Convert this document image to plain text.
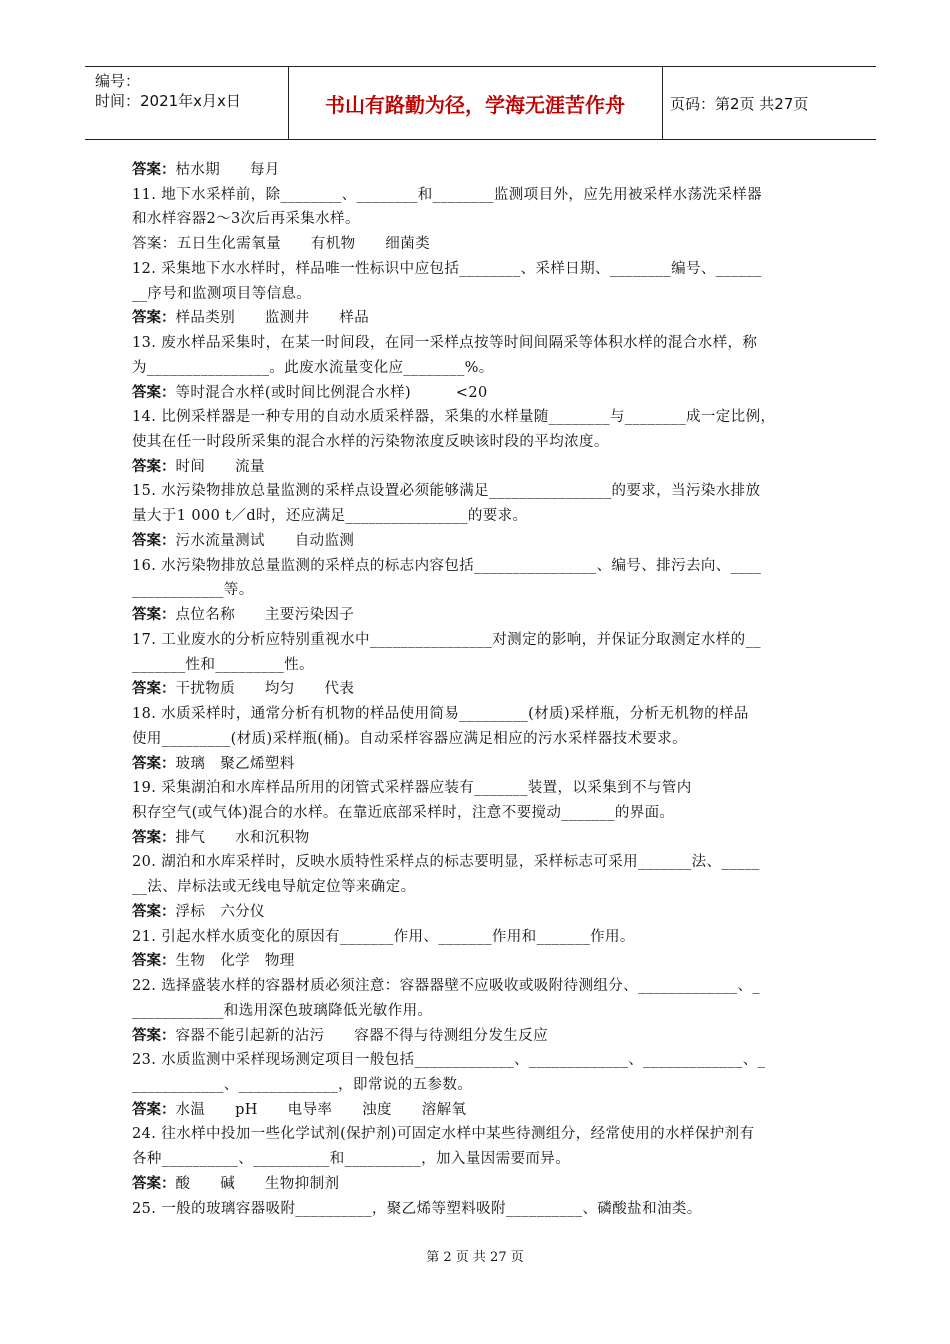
编号：
时间：2021年x月x日	书山有路勤为径，学海无涯苦作舟	页码：第2页 共27页
答案：枯水期　　每月
11. 地下水采样前，除________、________和________监测项目外，应先用被采样水荡洗采样器
和水样容器2～3次后再采集水样。
答案：五日生化需氧量　　有机物　　细菌类
12. 采集地下水水样时，样品唯一性标识中应包括________、采样日期、________编号、______
__序号和监测项目等信息。
答案：样品类别　　监测井　　样品
13. 废水样品采集时，在某一时间段，在同一采样点按等时间间隔采等体积水样的混合水样，称
为________________。此废水流量变化应________%。
答案：等时混合水样(或时间比例混合水样)　　　<20
14. 比例采样器是一种专用的自动水质采样器，采集的水样量随________与________成一定比例，
使其在任一时段所采集的混合水样的污染物浓度反映该时段的平均浓度。
答案：时间　　流量
15. 水污染物排放总量监测的采样点设置必须能够满足________________的要求，当污染水排放
量大于1 000 t／d时，还应满足________________的要求。
答案：污水流量测试　　自动监测
16. 水污染物排放总量监测的采样点的标志内容包括________________、编号、排污去向、____
____________等。
答案：点位名称　　主要污染因子
17. 工业废水的分析应特别重视水中________________对测定的影响，并保证分取测定水样的__
_______性和_________性。
答案：干扰物质　　均匀　　代表
18. 水质采样时，通常分析有机物的样品使用简易_________(材质)采样瓶，分析无机物的样品
使用_________(材质)采样瓶(桶)。自动采样容器应满足相应的污水采样器技术要求。
答案：玻璃　聚乙烯塑料
19. 采集湖泊和水库样品所用的闭管式采样器应装有_______装置，以采集到不与管内
积存空气(或气体)混合的水样。在靠近底部采样时，注意不要搅动_______的界面。
答案：排气　　水和沉积物
20. 湖泊和水库采样时，反映水质特性采样点的标志要明显，采样标志可采用_______法、_____
__法、岸标法或无线电导航定位等来确定。
答案：浮标　六分仪
21. 引起水样水质变化的原因有_______作用、_______作用和_______作用。
答案：生物　化学　物理
22. 选择盛装水样的容器材质必须注意：容器器壁不应吸收或吸附待测组分、_____________、_
____________和选用深色玻璃降低光敏作用。
答案：容器不能引起新的沾污　　容器不得与待测组分发生反应
23. 水质监测中采样现场测定项目一般包括_____________、_____________、_____________、_
____________、_____________，即常说的五参数。
答案：水温　　pH　　电导率　　浊度　　溶解氧
24. 往水样中投加一些化学试剂(保护剂)可固定水样中某些待测组分，经常使用的水样保护剂有
各种__________、__________和__________，加入量因需要而异。
答案：酸　　碱　　生物抑制剂
25. 一般的玻璃容器吸附__________，聚乙烯等塑料吸附__________、磷酸盐和油类。
第 2 页 共 27 页
